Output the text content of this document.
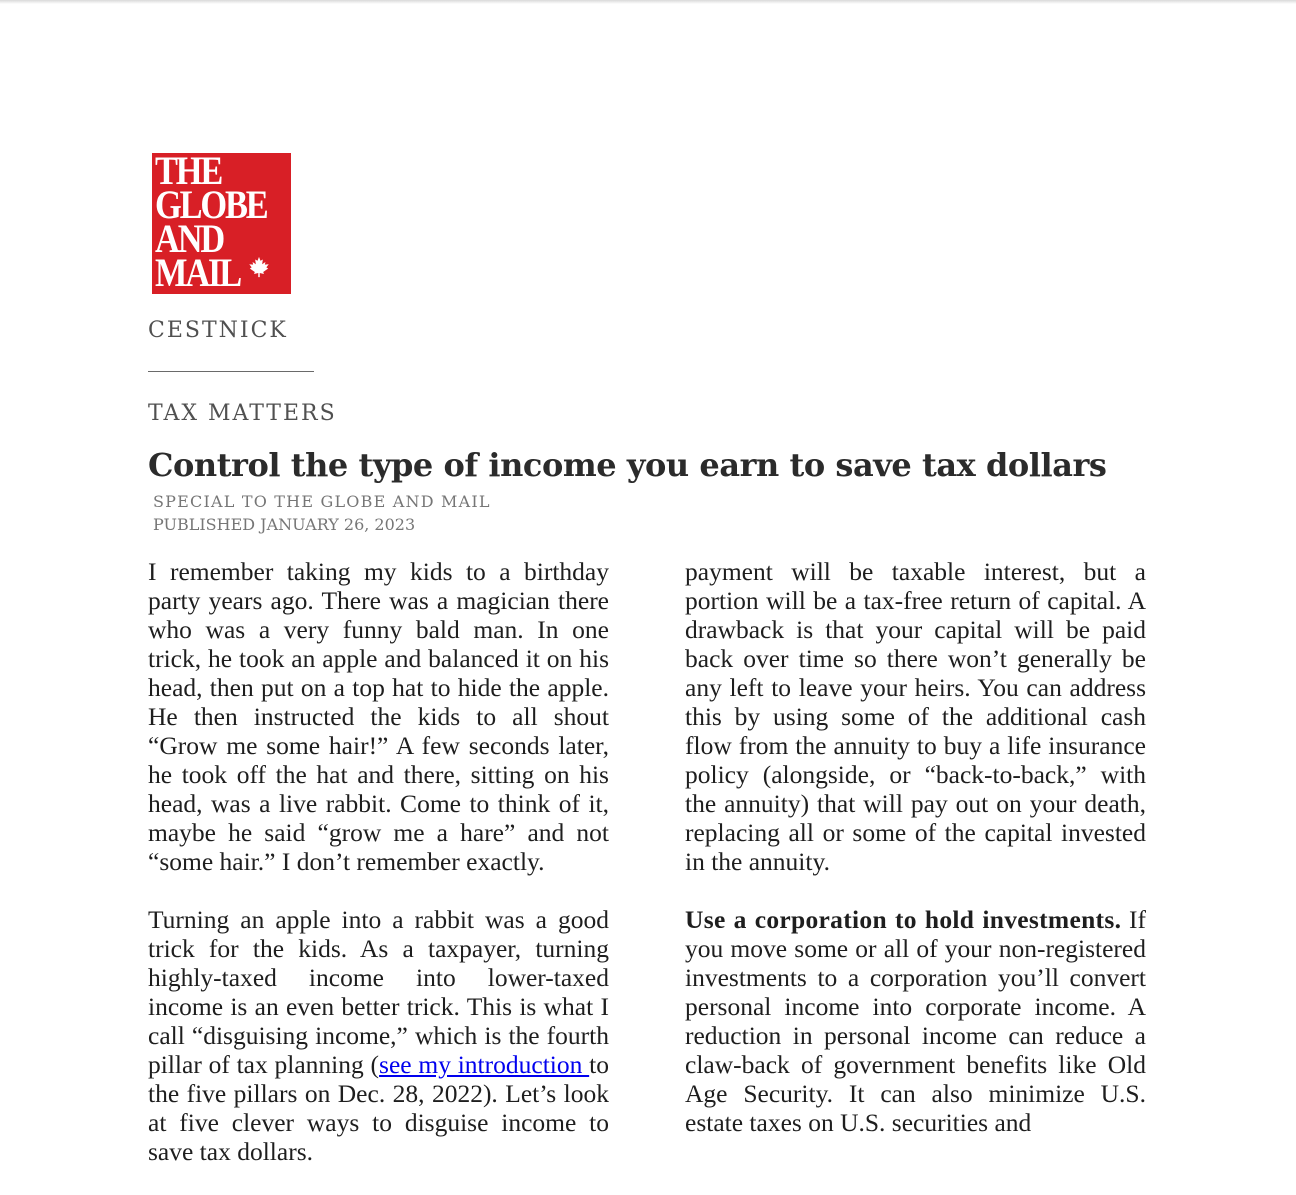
THE
GLOBE
AND
MAIL
CESTNICK
TAX MATTERS
Control the type of income you earn to save tax dollars
SPECIAL TO THE GLOBE AND MAIL
PUBLISHED JANUARY 26, 2023

I remember taking my kids to a birthday party years ago. There was a magician there who was a very funny bald man. In one trick, he took an apple and balanced it on his head, then put on a top hat to hide the apple. He then instructed the kids to all shout “Grow me some hair!” A few seconds later, he took off the hat and there, sitting on his head, was a live rabbit. Come to think of it, maybe he said “grow me a hare” and not “some hair.” I don’t remember exactly.

Turning an apple into a rabbit was a good trick for the kids. As a taxpayer, turning highly-taxed income into lower-taxed income is an even better trick. This is what I call “disguising income,” which is the fourth pillar of tax planning (see my introduction to the five pillars on Dec. 28, 2022). Let’s look at five clever ways to disguise income to save tax dollars.

payment will be taxable interest, but a portion will be a tax-free return of capital. A drawback is that your capital will be paid back over time so there won’t generally be any left to leave your heirs. You can address this by using some of the additional cash flow from the annuity to buy a life insurance policy (alongside, or “back-to-back,” with the annuity) that will pay out on your death, replacing all or some of the capital invested in the annuity.

Use a corporation to hold investments. If you move some or all of your non-registered investments to a corporation you’ll convert personal income into corporate income. A reduction in personal income can reduce a claw-back of government benefits like Old Age Security. It can also minimize U.S. estate taxes on U.S. securities and
